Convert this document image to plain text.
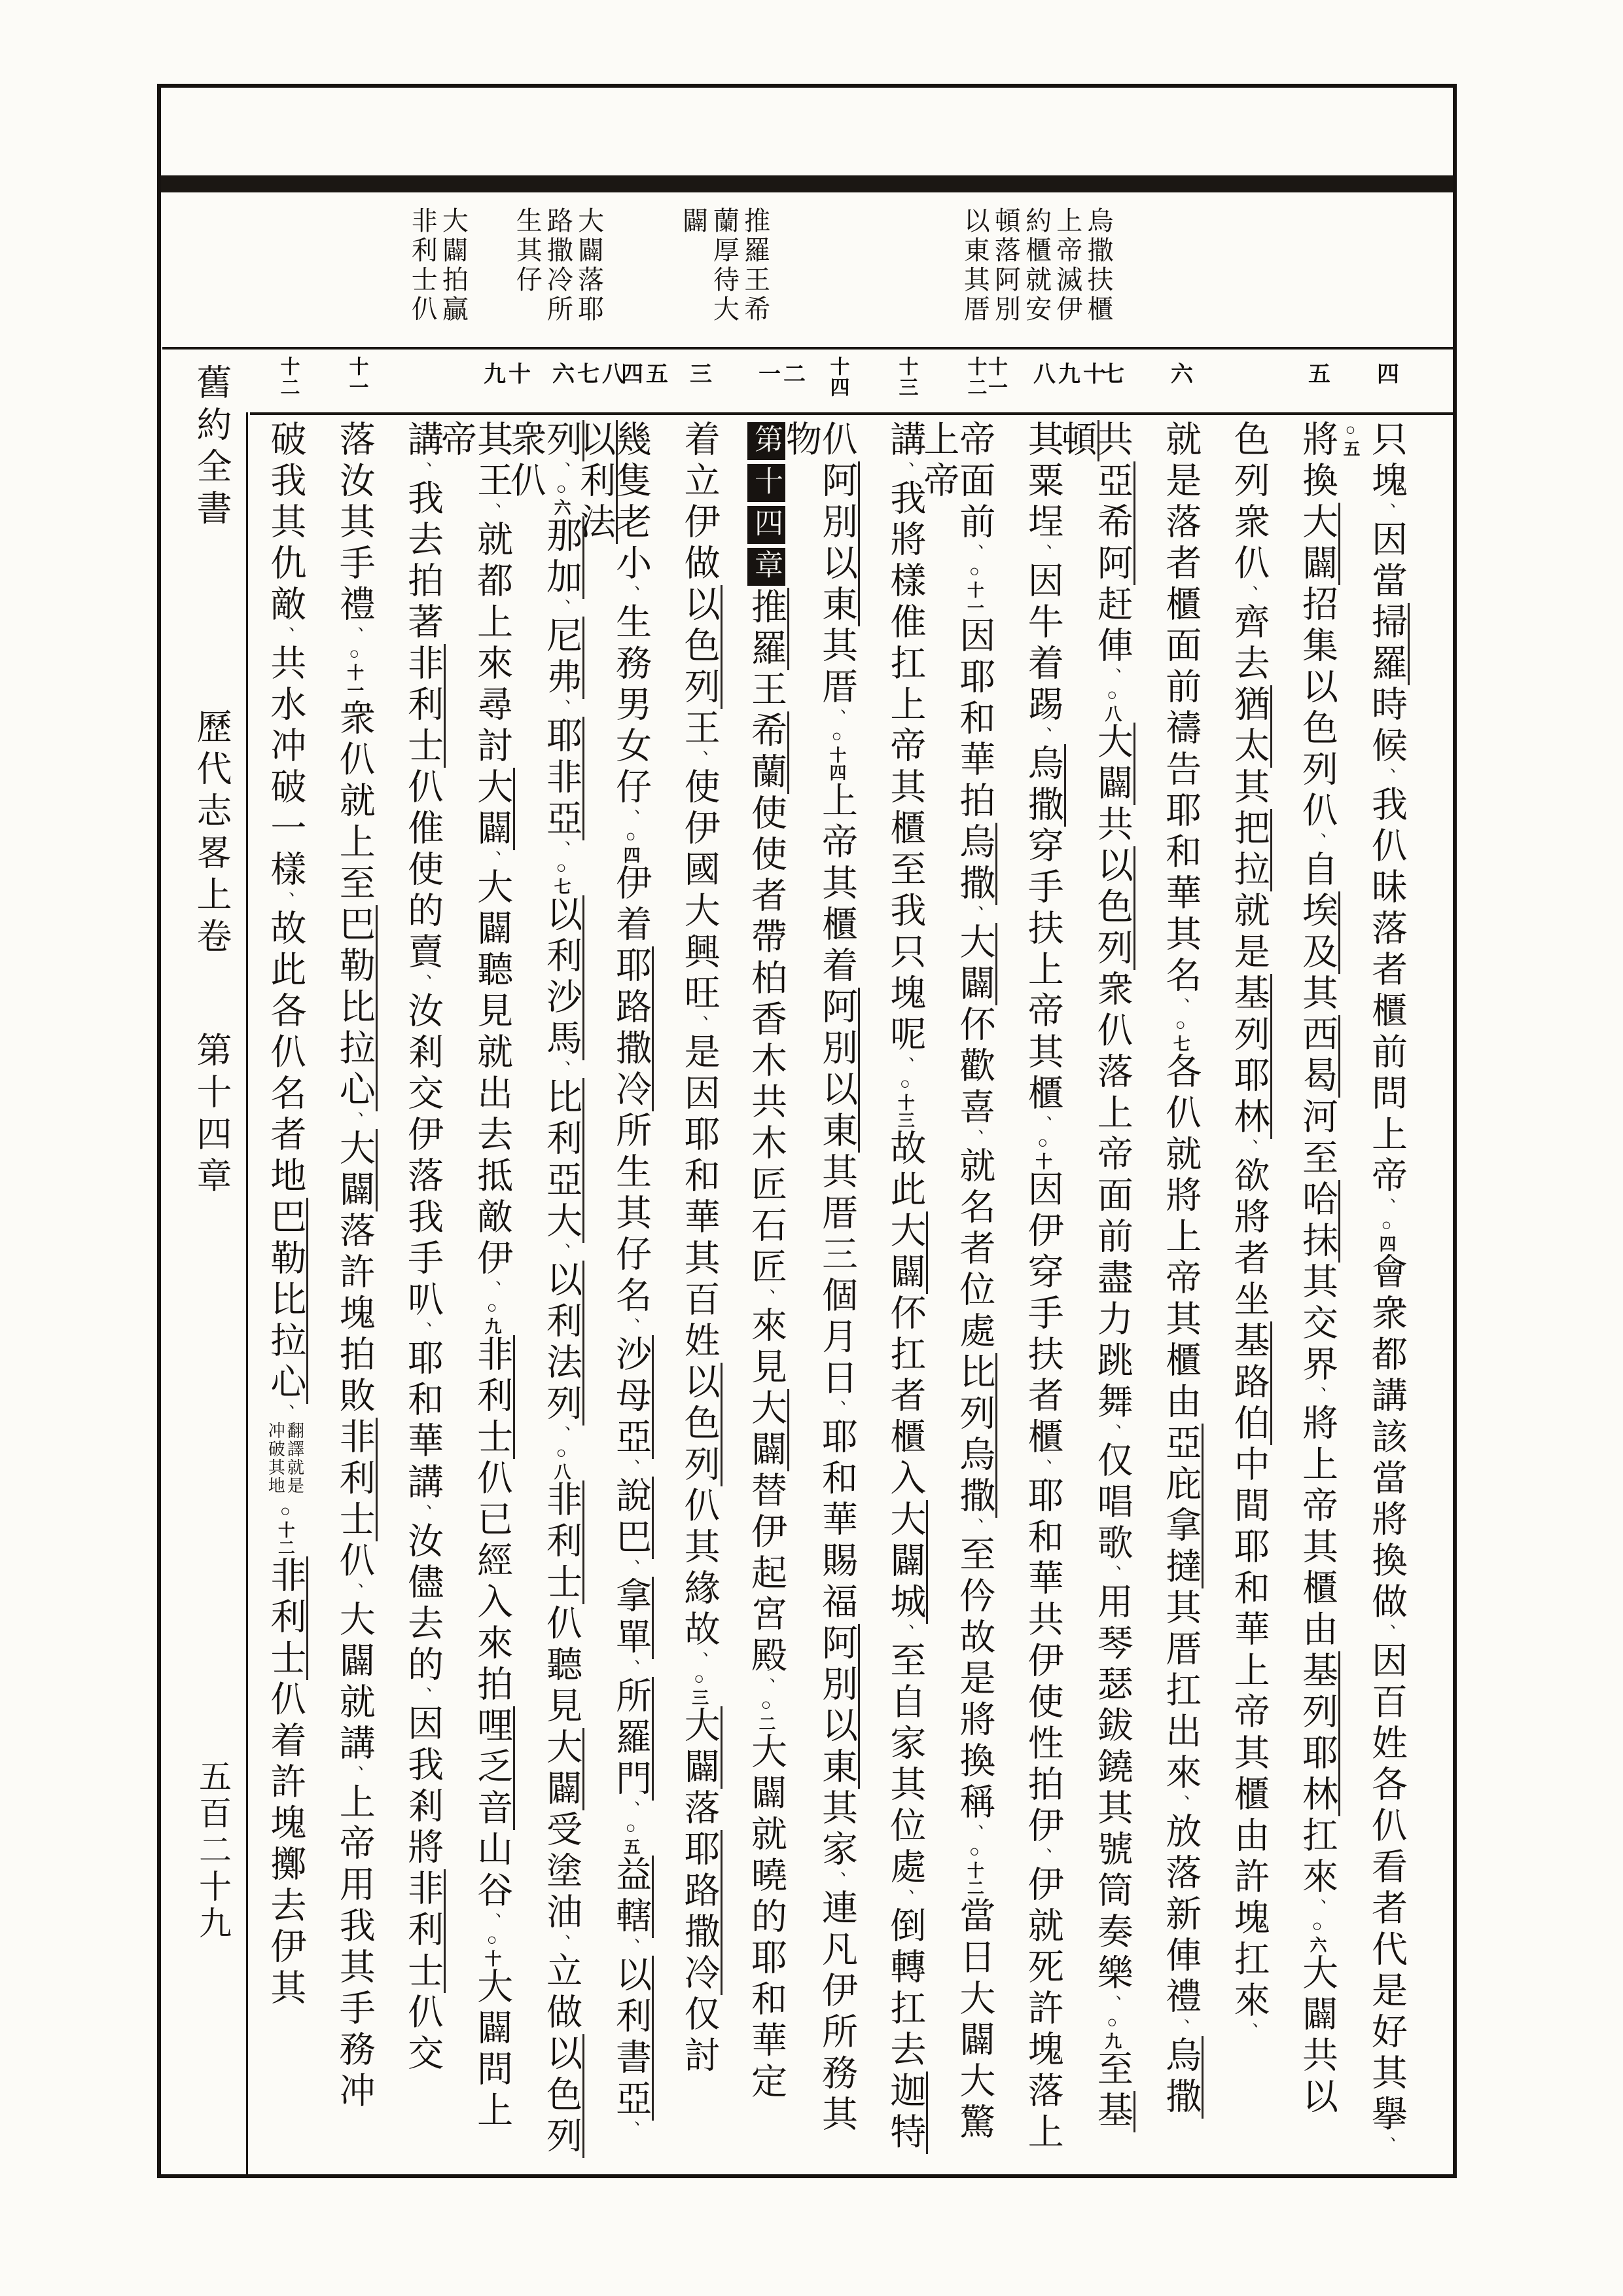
烏撒扶櫃上帝滅伊約櫃就安頓落阿別以東其厝
推羅王希蘭厚待大闢
大闢落耶路撒冷所生其仔
大闢拍贏非利士仈
四
五
六
七
八九十
十一十二
十三
十四
一二
三
四五
六七八
九十
十一
十二
只塊、因當掃羅時候、我仈昧落者櫃前問上帝、○四會衆都講該當將換做、因百姓各仈看者代是好其擧、○五
將換大闢招集以色列仈、自埃及其西曷河至哈抹其交界、將上帝其櫃由基列耶林扛來、○六大闢共以
色列衆仈、齊去猶太其把拉就是基列耶林、欲將者坐基路伯中間耶和華上帝其櫃由許塊扛來、
就是落者櫃面前禱告耶和華其名、○七各仈就將上帝其櫃由亞庇拿撻其厝扛出來、放落新俥禮、烏撒
共亞希阿赶俥、○八大闢共以色列衆仈落上帝面前盡力跳舞、仅唱歌、用琴瑟鈸鐃其號筒奏樂、○九至基頓
其粟埕、因牛着踢、烏撒穿手扶上帝其櫃、○十因伊穿手扶者櫃、耶和華共伊使性拍伊、伊就死許塊落上
帝面前、○十一因耶和華拍烏撒、大闢伓歡喜、就名者位處比列烏撒、至仱故是將換稱、○十二當日大闢大驚上帝
講、我將樣倠扛上帝其櫃至我只塊呢、○十三故此大闢伓扛者櫃入大闢城、至自家其位處、倒轉扛去迦特
仈阿別以東其厝、○十四上帝其櫃着阿別以東其厝三個月日、耶和華賜福阿別以東其家、連凡伊所務其物
第十四章推羅王希蘭使使者帶柏香木共木匠石匠、來見大闢替伊起宮殿、○二大闢就曉的耶和華定
着立伊做以色列王、使伊國大興旺、是因耶和華其百姓以色列仈其緣故、○三大闢落耶路撒冷仅討
幾隻老小、生務男女仔、○四伊着耶路撒冷所生其仔名、沙母亞、說巴、拿單、所羅門、○五益轄、以利書亞、以利法
列、○六那加、尼弗、耶非亞、○七以利沙馬、比利亞大、以利法列、○八非利士仈聽見大闢受塗油、立做以色列衆仈
其王、就都上來尋討大闢、大闢聽見就出去抵敵伊、○九非利士仈已經入來拍哩乏音山谷、○十大闢問上帝
講、我去拍著非利士仈倠使的賣、汝剎交伊落我手叭、耶和華講、汝儘去的、因我剎將非利士仈交
落汝其手禮、○十一衆仈就上至巴勒比拉心、大闢落許塊拍敗非利士仈、大闢就講、上帝用我其手務冲
破我其仇敵、共水冲破一樣、故此各仈名者地巴勒比拉心、翻譯就是冲破其地○十二非利士仈着許塊擲去伊其
舊約全書歷代志畧上卷第十四章
五百二十九
